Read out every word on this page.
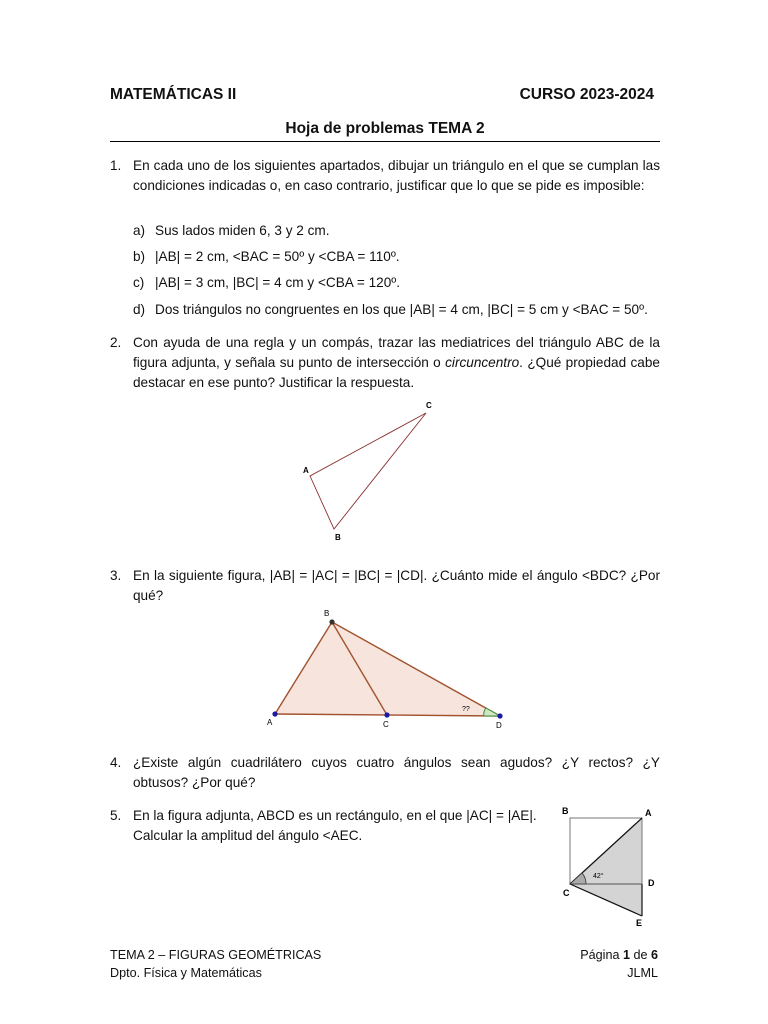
MATEMÁTICAS II	CURSO 2023-2024
Hoja de problemas TEMA 2
1. En cada uno de los siguientes apartados, dibujar un triángulo en el que se cumplan las condiciones indicadas o, en caso contrario, justificar que lo que se pide es imposible:
a) Sus lados miden 6, 3 y 2 cm.
b) |AB| = 2 cm, <BAC = 50º y <CBA = 110º.
c) |AB| = 3 cm, |BC| = 4 cm y <CBA = 120º.
d) Dos triángulos no congruentes en los que |AB| = 4 cm, |BC| = 5 cm y <BAC = 50º.
2. Con ayuda de una regla y un compás, trazar las mediatrices del triángulo ABC de la figura adjunta, y señala su punto de intersección o circuncentro. ¿Qué propiedad cabe destacar en ese punto? Justificar la respuesta.
C
A
B
3. En la siguiente figura, |AB| = |AC| = |BC| = |CD|. ¿Cuánto mide el ángulo <BDC? ¿Por qué?
B
A	C	D
??
4. ¿Existe algún cuadrilátero cuyos cuatro ángulos sean agudos? ¿Y rectos? ¿Y obtusos? ¿Por qué?
5. En la figura adjunta, ABCD es un rectángulo, en el que |AC| = |AE|.
Calcular la amplitud del ángulo <AEC.
B	A
C
D
E
42°
TEMA 2 – FIGURAS GEOMÉTRICAS	Página 1 de 6
Dpto. Física y Matemáticas	JLML
